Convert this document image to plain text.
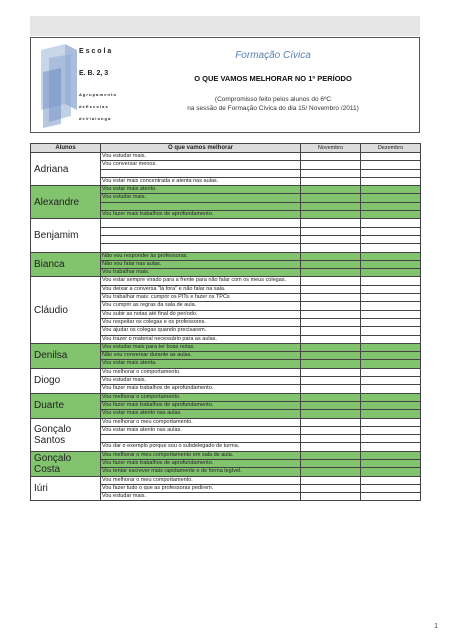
E s c o l a
E. B. 2, 3
A g r u p a m e n t o
d e E s c o l a s
d e V i a l o n g a
Formação Cívica
O QUE VAMOS MELHORAR NO 1º PERÍODO
(Compromisso feito pelos alunos do 6ºC
na sessão de Formação Cívica do dia 15/ Novembro /2011)
Alunos	O que vamos melhorar	Novembro	Dezembro
Adriana	Vou estudar mais.		
	Vou conversar menos.		

	Vou estar mais concentrada e atenta nas aulas.		
Alexandre	Vou estar mais atento.		
	Vou estudar mais.		

	Vou fazer mais trabalhos de aprofundamento.		
Benjamim			

Bianca	Não vou responder às professoras.		
	Não vou falar nas aulas.		
	Vou trabalhar mais.		
Cláudio	Vou estar sempre virado para a frente para não falar com os meus colegas.		
	Vou deixar a conversa "lá fora" e não falar na sala.		
	Vou trabalhar mais: cumprir os PITs e fazer os TPCs		
	Vou cumprir as regras da sala de aula.		
	Vou subir as notas até final do período.		
	Vou respeitar os colegas e os professores.		
	Vou ajudar os colegas quando precisarem.		
	Vou trazer o material necessário para as aulas.		
Denilsa	Vou estudar mais para ter boas notas.		
	Não vou conversar durante as aulas.		
	Vou estar mais atenta.		
Diogo	Vou melhorar o comportamento.		
	Vou estudar mais.		
	Vou fazer mais trabalhos de aprofundamento.		
Duarte	Vou melhorar o comportamento.		
	Vou fazer mais trabalhos de aprofundamento.		
	Vou estar mais atento nas aulas.		
Gonçalo Santos	Vou melhorar o meu comportamento.		
	Vou estar mais atento nas aulas.		

	Vou dar o exemplo porque sou o subdelegado de turma.		
Gonçalo Costa	Vou melhorar o meu comportamento em sala de aula.		
	Vou fazer mais trabalhos de aprofundamento.		
	Vou tentar escrever mais rapidamente e de forma legível.		
Iúri	Vou melhorar o meu comportamento.		
	Vou fazer tudo o que as professoras pedirem.		
	Vou estudar mais.		
1
